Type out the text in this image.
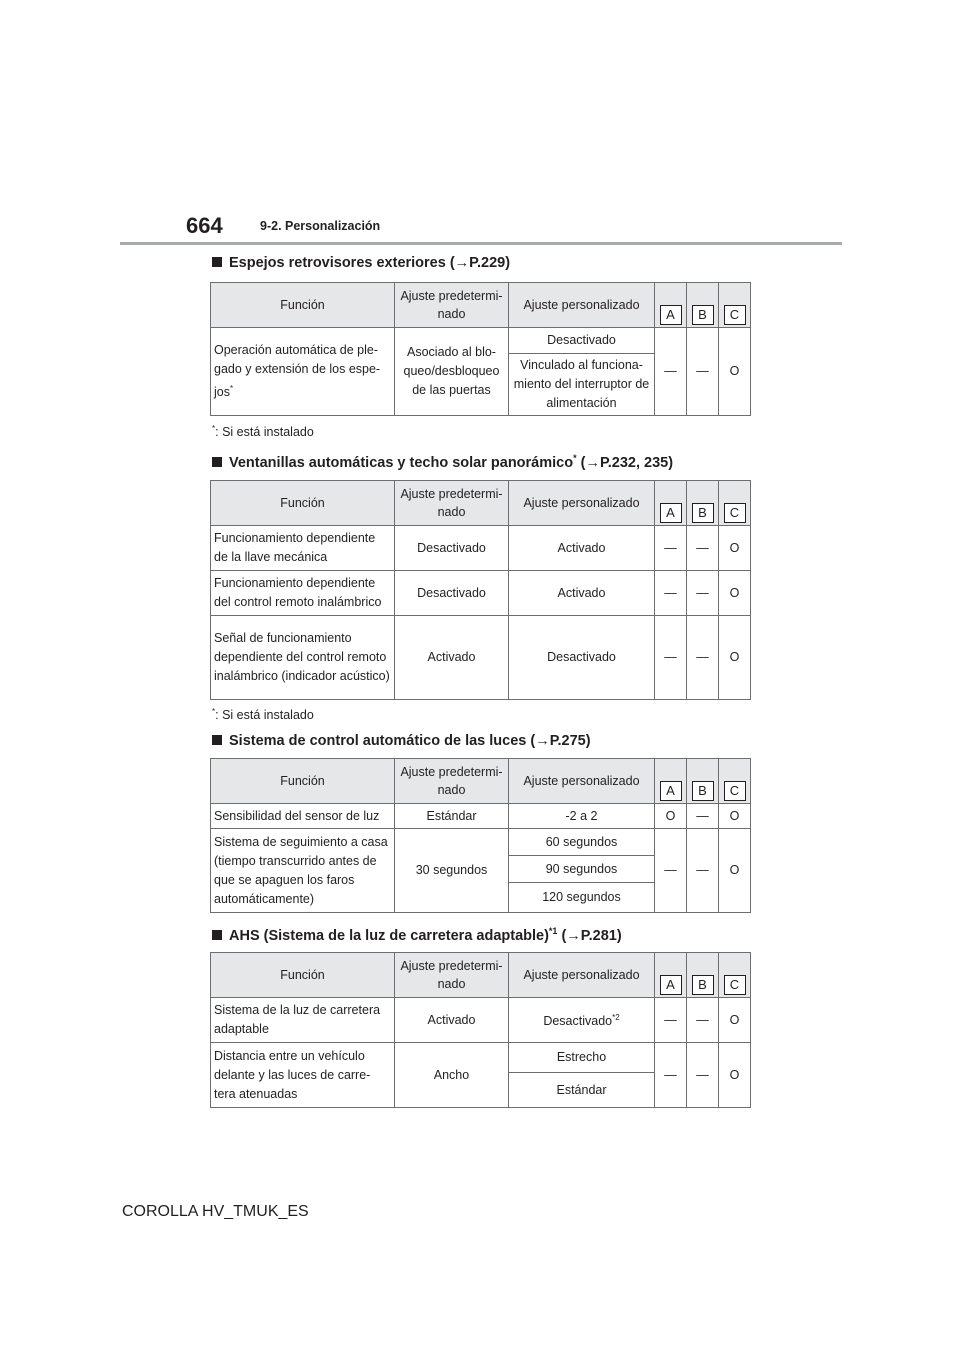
664	9-2. Personalización
Espejos retrovisores exteriores (→P.229)
Función	Ajuste predetermi-nado	Ajuste personalizado	A	B	C
Operación automática de ple-gado y extensión de los espe-jos*	Asociado al blo-queo/desbloqueo de las puertas	Desactivado	—	—	O
		Vinculado al funciona-miento del interruptor de alimentación			
*: Si está instalado
Ventanillas automáticas y techo solar panorámico* (→P.232, 235)
Función	Ajuste predetermi-nado	Ajuste personalizado	A	B	C
Funcionamiento dependiente de la llave mecánica	Desactivado	Activado	—	—	O
Funcionamiento dependiente del control remoto inalámbrico	Desactivado	Activado	—	—	O
Señal de funcionamiento dependiente del control remoto inalámbrico (indicador acústico)	Activado	Desactivado	—	—	O
*: Si está instalado
Sistema de control automático de las luces (→P.275)
Función	Ajuste predetermi-nado	Ajuste personalizado	A	B	C
Sensibilidad del sensor de luz	Estándar	-2 a 2	O	—	O
Sistema de seguimiento a casa (tiempo transcurrido antes de que se apaguen los faros automáticamente)	30 segundos	60 segundos	—	—	O
		90 segundos			
		120 segundos			
AHS (Sistema de la luz de carretera adaptable)$^{*1}$ (→P.281)
Función	Ajuste predetermi-nado	Ajuste personalizado	A	B	C
Sistema de la luz de carretera adaptable	Activado	Desactivado$^{*2}$	—	—	O
Distancia entre un vehículo delante y las luces de carre-tera atenuadas	Ancho	Estrecho	—	—	O
		Estándar			
COROLLA HV_TMUK_ES
